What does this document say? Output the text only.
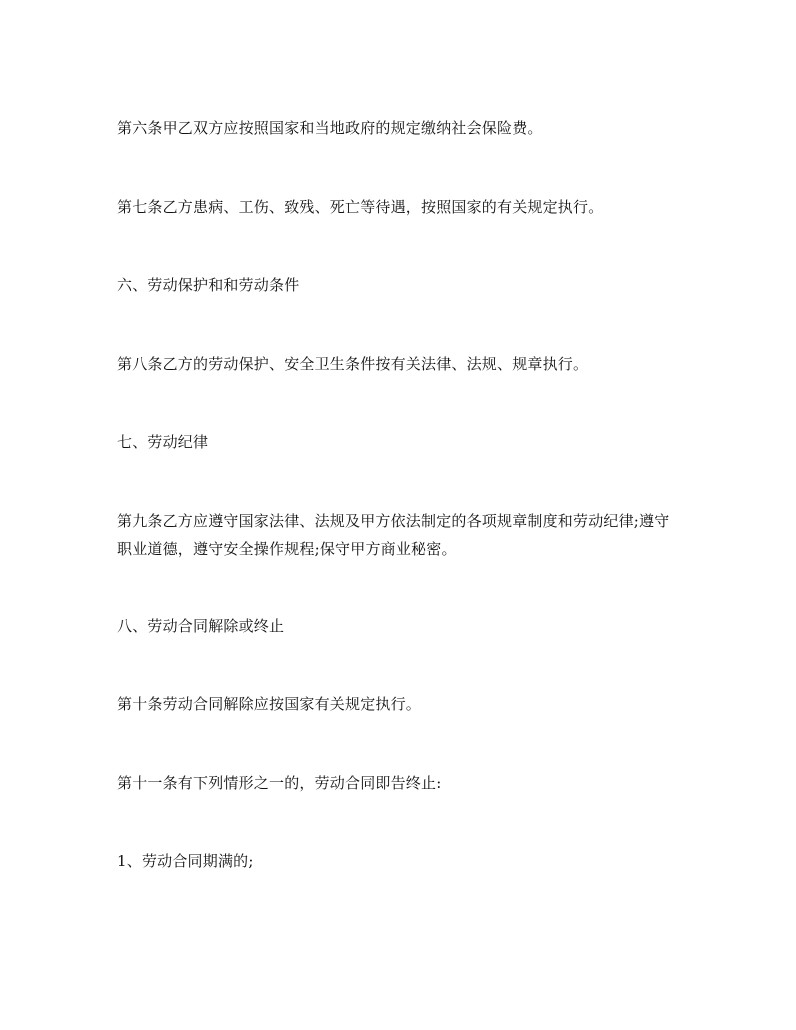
第六条甲乙双方应按照国家和当地政府的规定缴纳社会保险费。

第七条乙方患病、工伤、致残、死亡等待遇，按照国家的有关规定执行。

六、劳动保护和和劳动条件

第八条乙方的劳动保护、安全卫生条件按有关法律、法规、规章执行。

七、劳动纪律

第九条乙方应遵守国家法律、法规及甲方依法制定的各项规章制度和劳动纪律;遵守职业道德，遵守安全操作规程;保守甲方商业秘密。

八、劳动合同解除或终止

第十条劳动合同解除应按国家有关规定执行。

第十一条有下列情形之一的，劳动合同即告终止:

1、劳动合同期满的;
